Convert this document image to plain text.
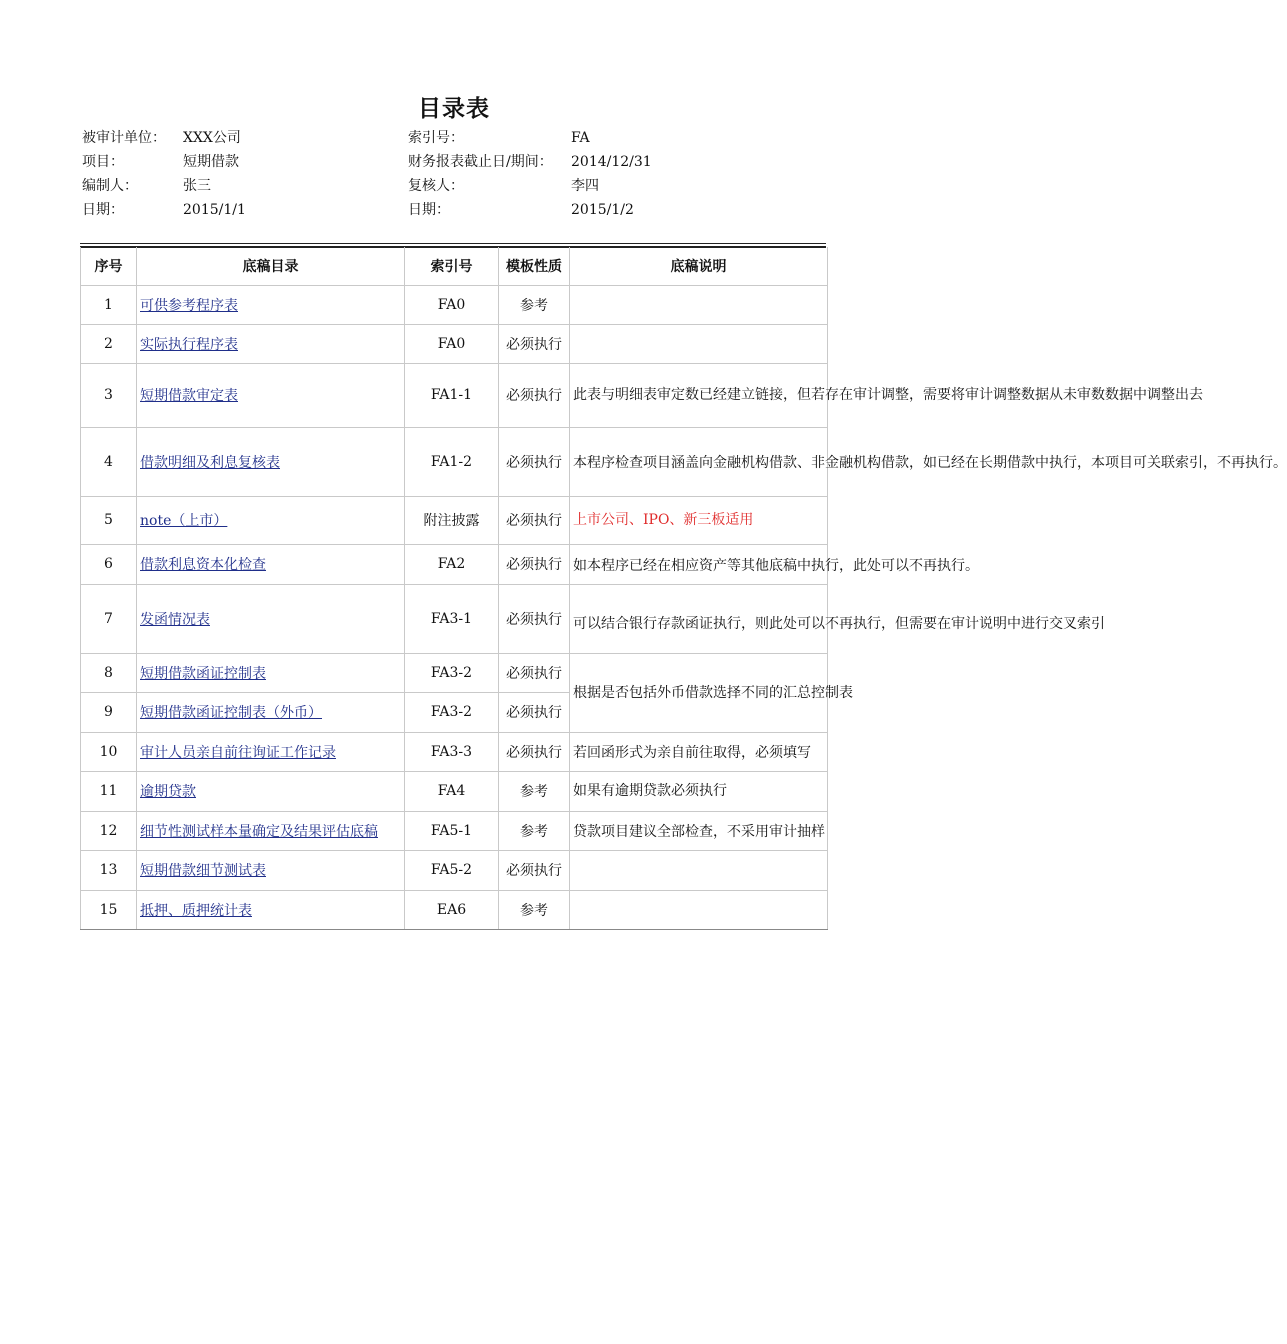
目录表
被审计单位： XXX公司	索引号：	FA
项目：	短期借款	财务报表截止日/期间： 2014/12/31
编制人：	张三	复核人：	李四
日期：	2015/1/1	日期：	2015/1/2
序号	底稿目录	索引号	模板性质	底稿说明
1	可供参考程序表	FA0	参考	
2	实际执行程序表	FA0	必须执行	
3	短期借款审定表	FA1-1	必须执行	此表与明细表审定数已经建立链接，但若存在审计调整，需要将审计调整数据从未审数数据中调整出去
4	借款明细及利息复核表	FA1-2	必须执行	本程序检查项目涵盖向金融机构借款、非金融机构借款，如已经在长期借款中执行，本项目可关联索引，不再执行。
5	note（上市）	附注披露	必须执行	上市公司、IPO、新三板适用
6	借款利息资本化检查	FA2	必须执行	如本程序已经在相应资产等其他底稿中执行，此处可以不再执行。
7	发函情况表	FA3-1	必须执行	可以结合银行存款函证执行，则此处可以不再执行，但需要在审计说明中进行交叉索引
8	短期借款函证控制表	FA3-2	必须执行	根据是否包括外币借款选择不同的汇总控制表
9	短期借款函证控制表（外币）	FA3-2	必须执行	
10	审计人员亲自前往询证工作记录	FA3-3	必须执行	若回函形式为亲自前往取得，必须填写
11	逾期贷款	FA4	参考	如果有逾期贷款必须执行
12	细节性测试样本量确定及结果评估底稿	FA5-1	参考	贷款项目建议全部检查，不采用审计抽样
13	短期借款细节测试表	FA5-2	必须执行	
15	抵押、质押统计表	EA6	参考	
